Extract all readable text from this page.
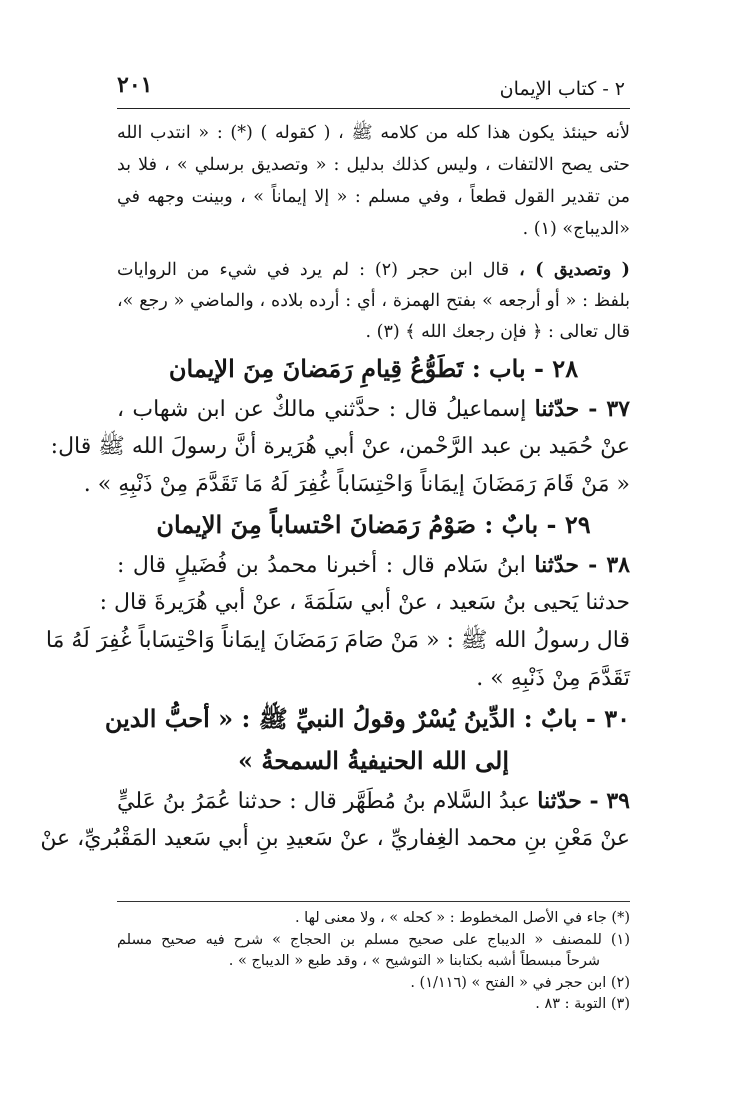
٢ - كتاب الإيمان
٢٠١
لأنه حينئذ يكون هذا كله من كلامه ﷺ ، ( كقوله ) (*) : « انتدب الله
حتى يصح الالتفات ، وليس كذلك بدليل : « وتصديق برسلي » ، فلا بد
من تقدير القول قطعاً ، وفي مسلم : « إلا إيماناً » ، وبينت وجهه في
«الديباج» (١) .
( وتصديق ) ، قال ابن حجر (٢) : لم يرد في شيء من الروايات
بلفظ : « أو أرجعه » بفتح الهمزة ، أي : أرده بلاده ، والماضي « رجع »،
قال تعالى : ﴿ فإن رجعك الله ﴾ (٣) .
٢٨ - باب : تَطَوُّعُ قِيامِ رَمَضانَ مِنَ الإيمان
٣٧ - حدّثنا إسماعيلُ قال : حدَّثني مالكٌ عن ابن شهاب ،
عنْ حُمَيد بن عبد الرَّحْمن، عنْ أبي هُرَيرة أنَّ رسولَ الله ﷺ قال:
« مَنْ قَامَ رَمَضَانَ إيمَاناً وَاحْتِسَاباً غُفِرَ لَهُ مَا تَقَدَّمَ مِنْ ذَنْبِهِ » .
٢٩ - بابٌ : صَوْمُ رَمَضانَ احْتساباً مِنَ الإيمان
٣٨ - حدّثنا ابنُ سَلام قال : أخبرنا محمدُ بن فُضَيلٍ قال :
حدثنا يَحيى بنُ سَعيد ، عنْ أبي سَلَمَةَ ، عنْ أبي هُرَيرةَ قال :
قال رسولُ الله ﷺ : « مَنْ صَامَ رَمَضَانَ إيمَاناً وَاحْتِسَاباً غُفِرَ لَهُ مَا
تَقَدَّمَ مِنْ ذَنْبِهِ » .
٣٠ - بابٌ : الدِّينُ يُسْرٌ وقولُ النبيِّ ﷺ : « أحبُّ الدين
إلى الله الحنيفيةُ السمحةُ »
٣٩ - حدّثنا عبدُ السَّلام بنُ مُطَهَّر قال : حدثنا عُمَرُ بنُ عَليٍّ
عنْ مَعْنِ بنِ محمد الغِفاريِّ ، عنْ سَعيدِ بنِ أبي سَعيد المَقْبُريِّ، عنْ
(*) جاء في الأصل المخطوط : « كحله » ، ولا معنى لها .
(١) للمصنف « الديباج على صحيح مسلم بن الحجاج » شرح فيه صحيح مسلم
شرحاً مبسطاً أشبه بكتابنا « التوشيح » ، وقد طبع « الديباج » .
(٢) ابن حجر في « الفتح » (١/١١٦) .
(٣) التوبة : ٨٣ .
